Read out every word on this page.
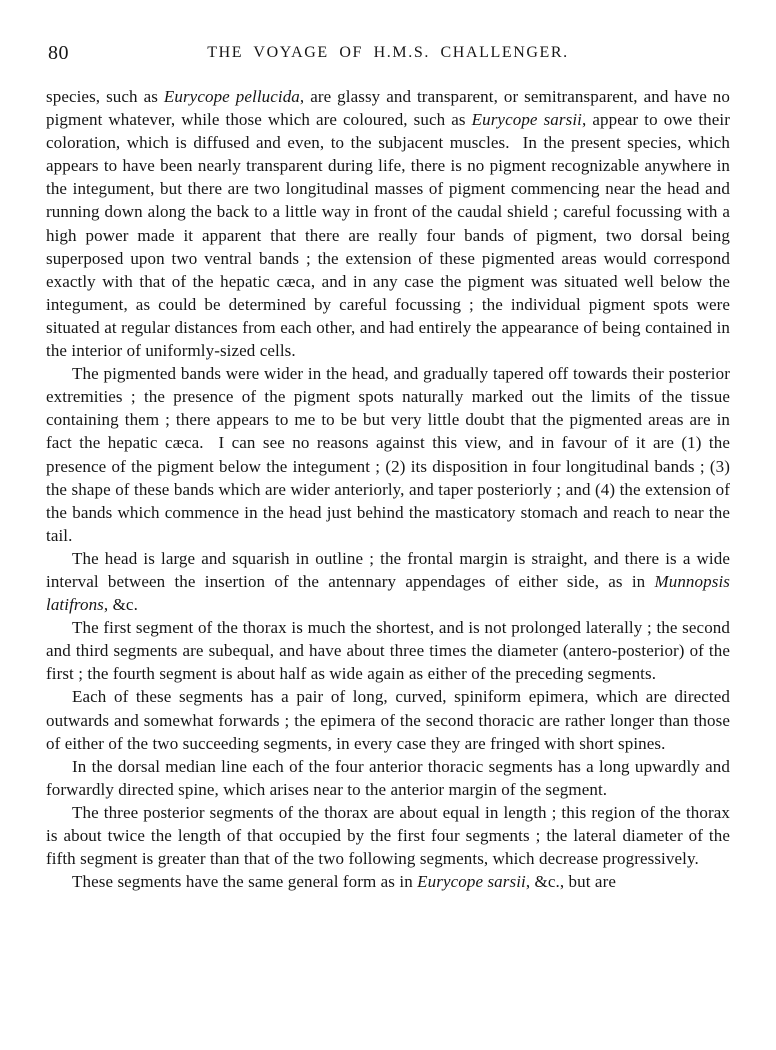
80	THE VOYAGE OF H.M.S. CHALLENGER.

species, such as Eurycope pellucida, are glassy and transparent, or semitransparent, and have no pigment whatever, while those which are coloured, such as Eurycope sarsii, appear to owe their coloration, which is diffused and even, to the subjacent muscles.  In the present species, which appears to have been nearly transparent during life, there is no pigment recognizable anywhere in the integument, but there are two longitudinal masses of pigment commencing near the head and running down along the back to a little way in front of the caudal shield ; careful focussing with a high power made it apparent that there are really four bands of pigment, two dorsal being superposed upon two ventral bands ; the extension of these pigmented areas would correspond exactly with that of the hepatic cæca, and in any case the pigment was situated well below the integument, as could be determined by careful focussing ; the individual pigment spots were situated at regular distances from each other, and had entirely the appearance of being contained in the interior of uniformly-sized cells.

The pigmented bands were wider in the head, and gradually tapered off towards their posterior extremities ; the presence of the pigment spots naturally marked out the limits of the tissue containing them ; there appears to me to be but very little doubt that the pigmented areas are in fact the hepatic cæca.  I can see no reasons against this view, and in favour of it are (1) the presence of the pigment below the integument ; (2) its disposition in four longitudinal bands ; (3) the shape of these bands which are wider anteriorly, and taper posteriorly ; and (4) the extension of the bands which commence in the head just behind the masticatory stomach and reach to near the tail.

The head is large and squarish in outline ; the frontal margin is straight, and there is a wide interval between the insertion of the antennary appendages of either side, as in Munnopsis latifrons, &c.

The first segment of the thorax is much the shortest, and is not prolonged laterally ; the second and third segments are subequal, and have about three times the diameter (antero-posterior) of the first ; the fourth segment is about half as wide again as either of the preceding segments.

Each of these segments has a pair of long, curved, spiniform epimera, which are directed outwards and somewhat forwards ; the epimera of the second thoracic are rather longer than those of either of the two succeeding segments, in every case they are fringed with short spines.

In the dorsal median line each of the four anterior thoracic segments has a long upwardly and forwardly directed spine, which arises near to the anterior margin of the segment.

The three posterior segments of the thorax are about equal in length ; this region of the thorax is about twice the length of that occupied by the first four segments ; the lateral diameter of the fifth segment is greater than that of the two following segments, which decrease progressively.

These segments have the same general form as in Eurycope sarsii, &c., but are
